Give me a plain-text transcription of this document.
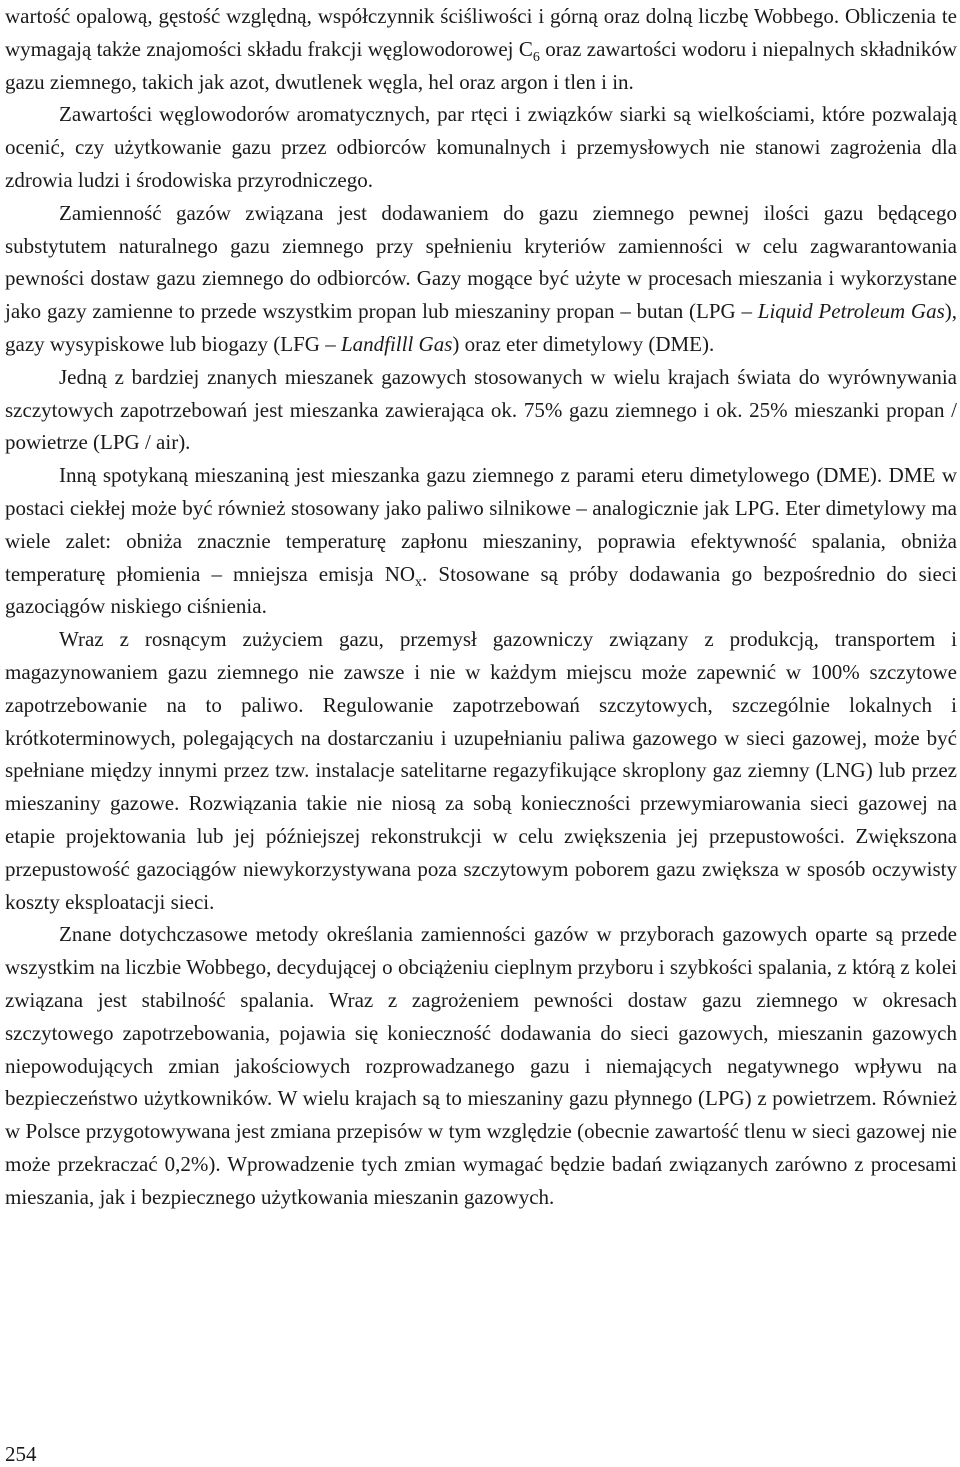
wartość opalową, gęstość względną, współczynnik ściśliwości i górną oraz dolną liczbę Wobbego. Obliczenia te wymagają także znajomości składu frakcji węglowodorowej $C_6$ oraz zawartości wodoru i niepalnych składników gazu ziemnego, takich jak azot, dwutlenek węgla, hel oraz argon i tlen i in.

Zawartości węglowodorów aromatycznych, par rtęci i związków siarki są wielkościami, które pozwalają ocenić, czy użytkowanie gazu przez odbiorców komunalnych i przemysłowych nie stanowi zagrożenia dla zdrowia ludzi i środowiska przyrodniczego.

Zamienność gazów związana jest dodawaniem do gazu ziemnego pewnej ilości gazu będącego substytutem naturalnego gazu ziemnego przy spełnieniu kryteriów zamienności w celu zagwarantowania pewności dostaw gazu ziemnego do odbiorców. Gazy mogące być użyte w procesach mieszania i wykorzystane jako gazy zamienne to przede wszystkim propan lub mieszaniny propan – butan (LPG – Liquid Petroleum Gas), gazy wysypiskowe lub biogazy (LFG – Landfilll Gas) oraz eter dimetylowy (DME).

Jedną z bardziej znanych mieszanek gazowych stosowanych w wielu krajach świata do wyrównywania szczytowych zapotrzebowań jest mieszanka zawierająca ok. 75% gazu ziemnego i ok. 25% mieszanki propan / powietrze (LPG / air).

Inną spotykaną mieszaniną jest mieszanka gazu ziemnego z parami eteru dimetylowego (DME). DME w postaci ciekłej może być również stosowany jako paliwo silnikowe – analogicznie jak LPG. Eter dimetylowy ma wiele zalet: obniża znacznie temperaturę zapłonu mieszaniny, poprawia efektywność spalania, obniża temperaturę płomienia – mniejsza emisja $NO_x$. Stosowane są próby dodawania go bezpośrednio do sieci gazociągów niskiego ciśnienia.

Wraz z rosnącym zużyciem gazu, przemysł gazowniczy związany z produkcją, transportem i magazynowaniem gazu ziemnego nie zawsze i nie w każdym miejscu może zapewnić w 100% szczytowe zapotrzebowanie na to paliwo. Regulowanie zapotrzebowań szczytowych, szczególnie lokalnych i krótkoterminowych, polegających na dostarczaniu i uzupełnianiu paliwa gazowego w sieci gazowej, może być spełniane między innymi przez tzw. instalacje satelitarne regazyfikujące skroplony gaz ziemny (LNG) lub przez mieszaniny gazowe. Rozwiązania takie nie niosą za sobą konieczności przewymiarowania sieci gazowej na etapie projektowania lub jej późniejszej rekonstrukcji w celu zwiększenia jej przepustowości. Zwiększona przepustowość gazociągów niewykorzystywana poza szczytowym poborem gazu zwiększa w sposób oczywisty koszty eksploatacji sieci.

Znane dotychczasowe metody określania zamienności gazów w przyborach gazowych oparte są przede wszystkim na liczbie Wobbego, decydującej o obciążeniu cieplnym przyboru i szybkości spalania, z którą z kolei związana jest stabilność spalania. Wraz z zagrożeniem pewności dostaw gazu ziemnego w okresach szczytowego zapotrzebowania, pojawia się konieczność dodawania do sieci gazowych, mieszanin gazowych niepowodujących zmian jakościowych rozprowadzanego gazu i niemających negatywnego wpływu na bezpieczeństwo użytkowników. W wielu krajach są to mieszaniny gazu płynnego (LPG) z powietrzem. Również w Polsce przygotowywana jest zmiana przepisów w tym względzie (obecnie zawartość tlenu w sieci gazowej nie może przekraczać 0,2%). Wprowadzenie tych zmian wymagać będzie badań związanych zarówno z procesami mieszania, jak i bezpiecznego użytkowania mieszanin gazowych.

254
